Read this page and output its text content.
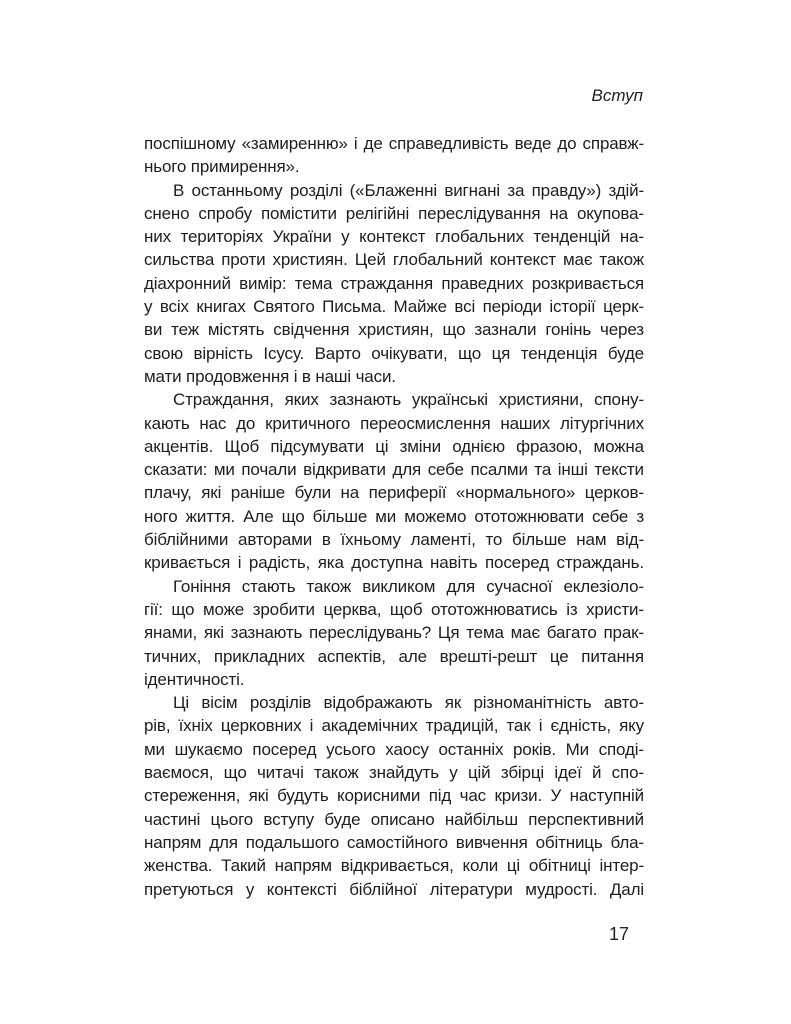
Вступ
поспішному «замиренню» і де справедливість веде до справж-
нього примирення».
В останньому розділі («Блаженні вигнані за правду») здій-
снено спробу помістити релігійні переслідування на окупова-
них територіях України у контекст глобальних тенденцій на-
сильства проти християн. Цей глобальний контекст має також
діахронний вимір: тема страждання праведних розкривається
у всіх книгах Святого Письма. Майже всі періоди історії церк-
ви теж містять свідчення християн, що зазнали гонінь через
свою вірність Ісусу. Варто очікувати, що ця тенденція буде
мати продовження і в наші часи.
Страждання, яких зазнають українські християни, спону-
кають нас до критичного переосмислення наших літургічних
акцентів. Щоб підсумувати ці зміни однією фразою, можна
сказати: ми почали відкривати для себе псалми та інші тексти
плачу, які раніше були на периферії «нормального» церков-
ного життя. Але що більше ми можемо ототожнювати себе з
біблійними авторами в їхньому ламенті, то більше нам від-
кривається і радість, яка доступна навіть посеред страждань.
Гоніння стають також викликом для сучасної еклезіоло-
гії: що може зробити церква, щоб ототожнюватись із христи-
янами, які зазнають переслідувань? Ця тема має багато прак-
тичних, прикладних аспектів, але врешті-решт це питання
ідентичності.
Ці вісім розділів відображають як різноманітність авто-
рів, їхніх церковних і академічних традицій, так і єдність, яку
ми шукаємо посеред усього хаосу останніх років. Ми споді-
ваємося, що читачі також знайдуть у цій збірці ідеї й спо-
стереження, які будуть корисними під час кризи. У наступній
частині цього вступу буде описано найбільш перспективний
напрям для подальшого самостійного вивчення обітниць бла-
женства. Такий напрям відкривається, коли ці обітниці інтер-
претуються у контексті біблійної літератури мудрості. Далі
17
